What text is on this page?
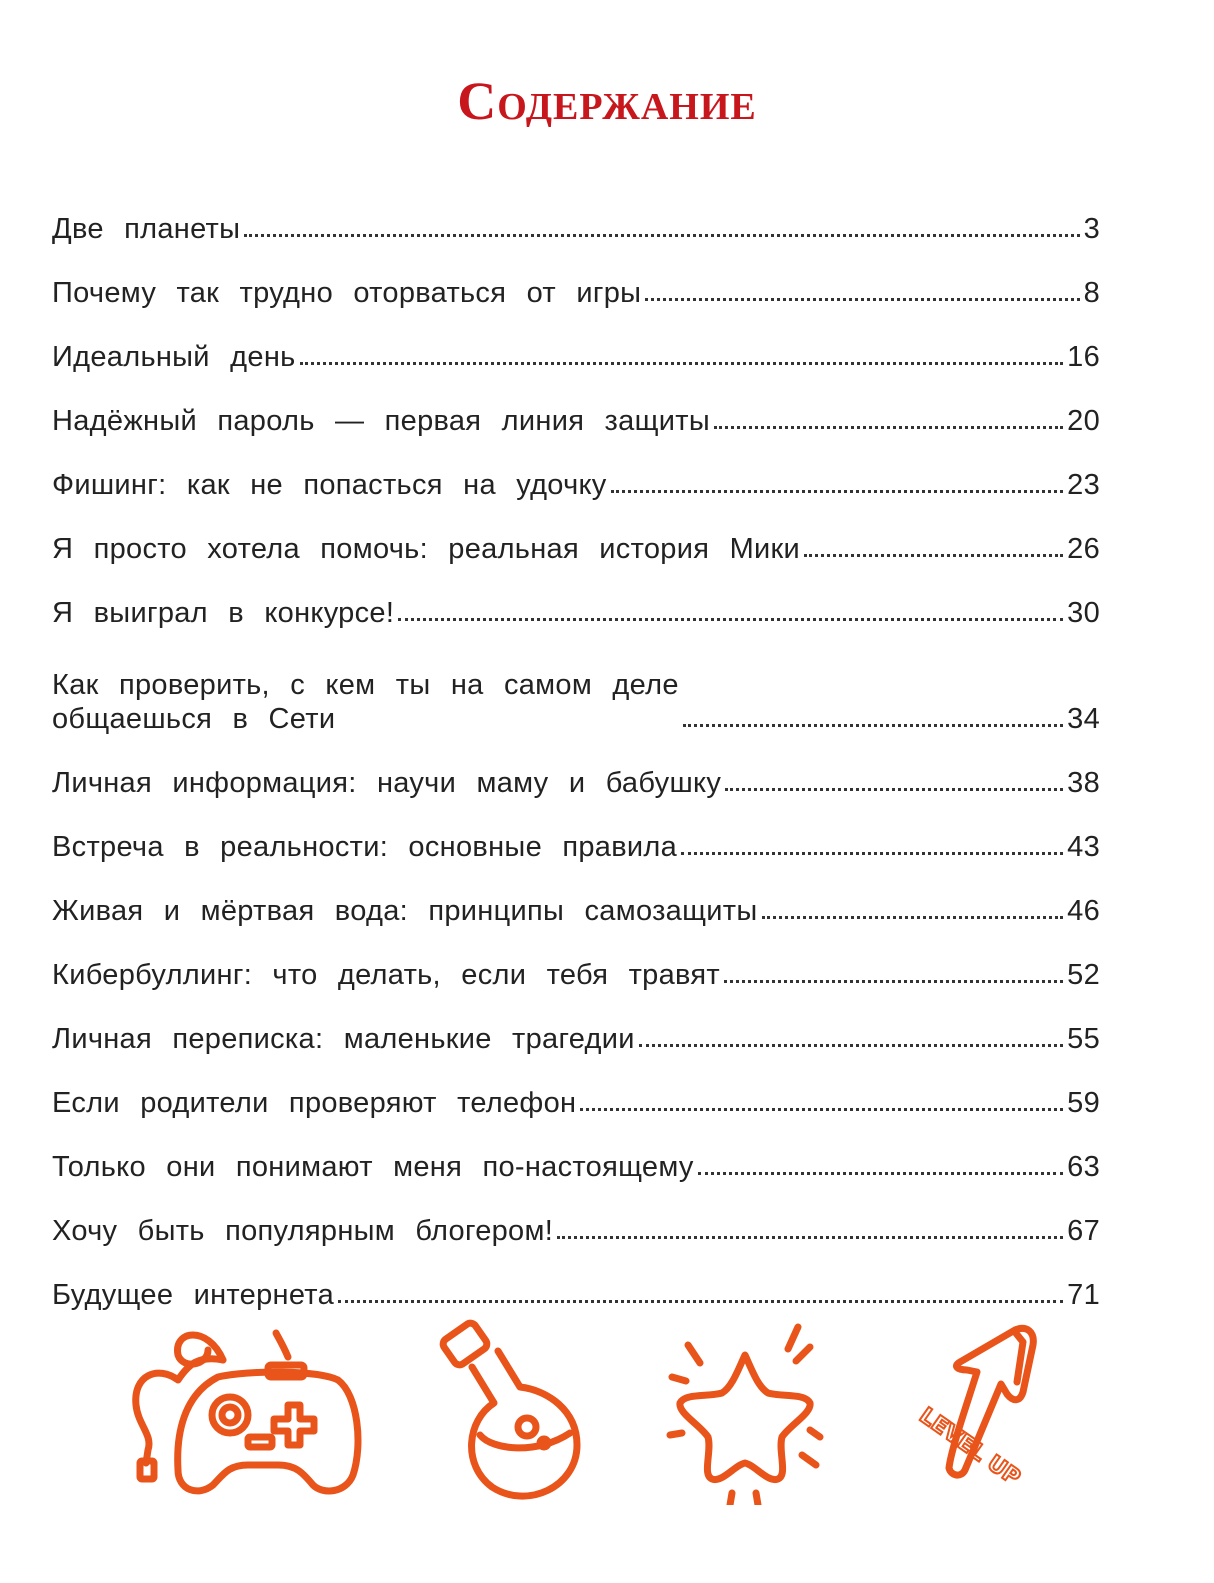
Содержание
Две планеты	3
Почему так трудно оторваться от игры	8
Идеальный день	16
Надёжный пароль — первая линия защиты	20
Фишинг: как не попасться на удочку	23
Я просто хотела помочь: реальная история Мики	26
Я выиграл в конкурсе!	30
Как проверить, с кем ты на самом деле
общаешься в Сети	34
Личная информация: научи маму и бабушку	38
Встреча в реальности: основные правила	43
Живая и мёртвая вода: принципы самозащиты	46
Кибербуллинг: что делать, если тебя травят	52
Личная переписка: маленькие трагедии	55
Если родители проверяют телефон	59
Только они понимают меня по-настоящему	63
Хочу быть популярным блогером!	67
Будущее интернета	71
LEVEL UP
